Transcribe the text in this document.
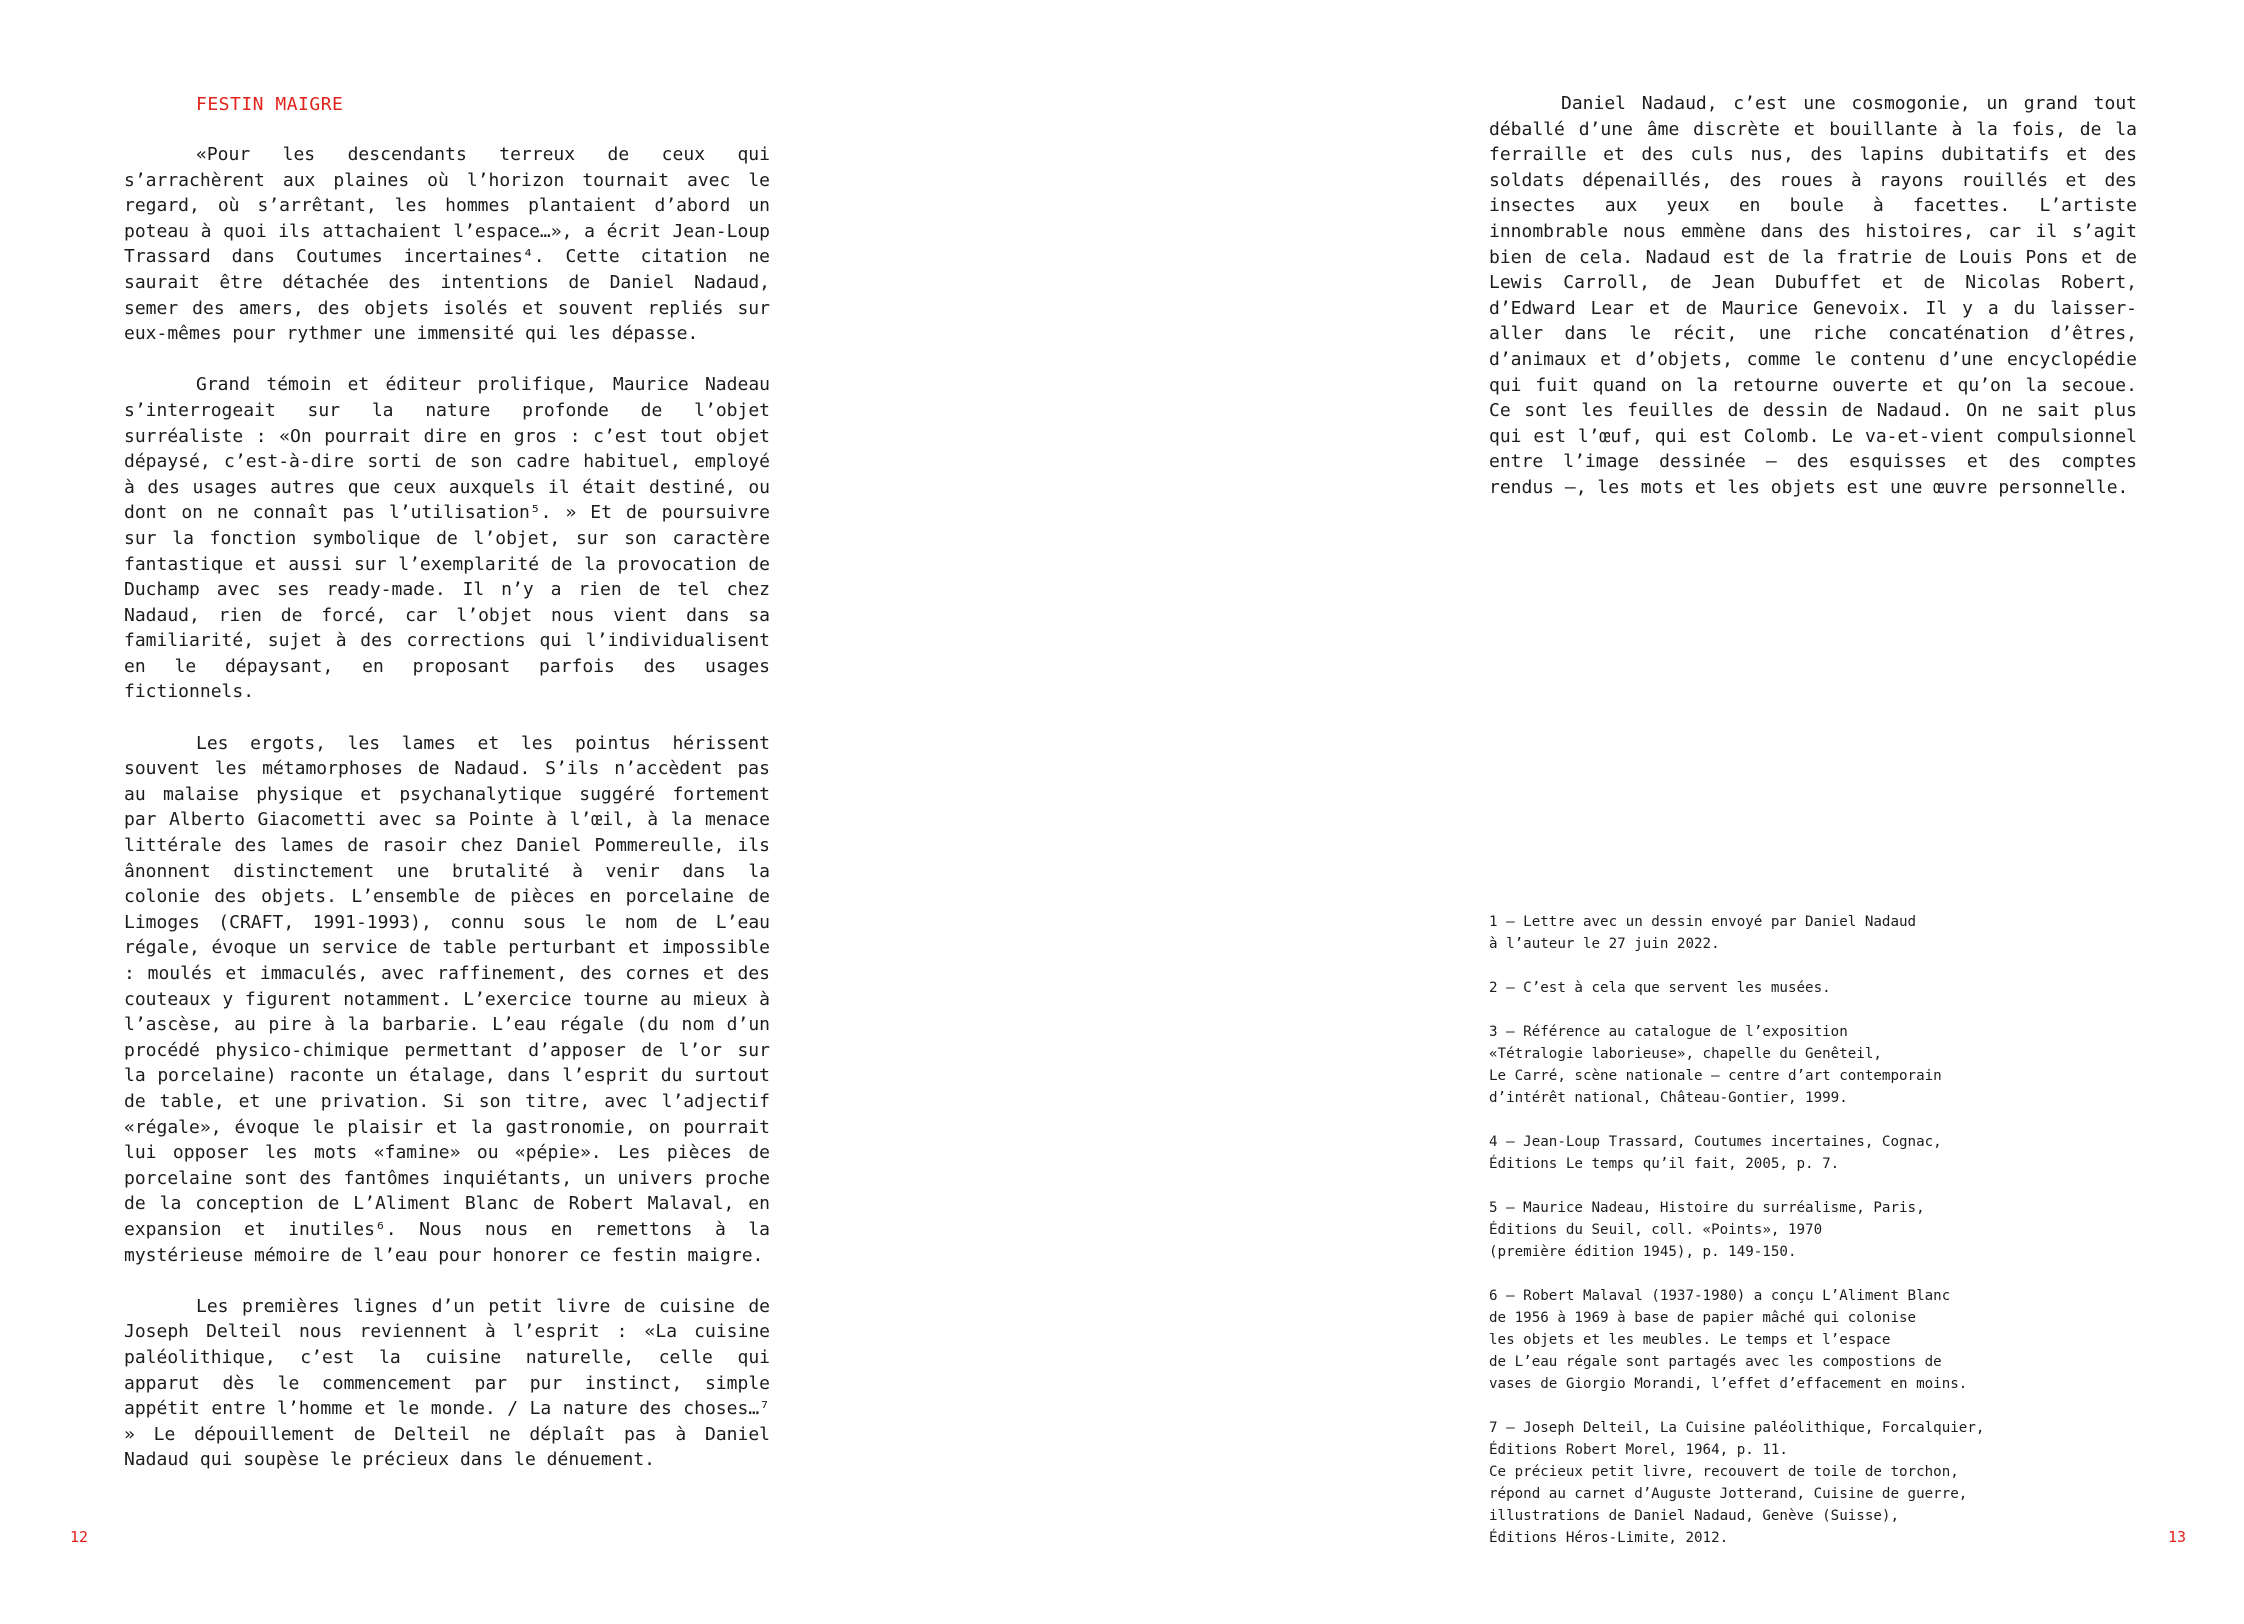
FESTIN MAIGRE

«Pour les descendants terreux de ceux qui s’arrachèrent aux plaines où l’horizon tournait avec le regard, où s’arrêtant, les hommes plantaient d’abord un poteau à quoi ils attachaient l’espace…», a écrit Jean-Loup Trassard dans Coutumes incertaines⁴. Cette citation ne saurait être détachée des intentions de Daniel Nadaud, semer des amers, des objets isolés et souvent repliés sur eux-mêmes pour rythmer une immensité qui les dépasse.

Grand témoin et éditeur prolifique, Maurice Nadeau s’interrogeait sur la nature profonde de l’objet surréaliste : «On pourrait dire en gros : c’est tout objet dépaysé, c’est-à-dire sorti de son cadre habituel, employé à des usages autres que ceux auxquels il était destiné, ou dont on ne connaît pas l’utilisation⁵. » Et de poursuivre sur la fonction symbolique de l’objet, sur son caractère fantastique et aussi sur l’exemplarité de la provocation de Duchamp avec ses ready-made. Il n’y a rien de tel chez Nadaud, rien de forcé, car l’objet nous vient dans sa familiarité, sujet à des corrections qui l’individualisent en le dépaysant, en proposant parfois des usages fictionnels.

Les ergots, les lames et les pointus hérissent souvent les métamorphoses de Nadaud. S’ils n’accèdent pas au malaise physique et psychanalytique suggéré fortement par Alberto Giacometti avec sa Pointe à l’œil, à la menace littérale des lames de rasoir chez Daniel Pommereulle, ils ânonnent distinctement une brutalité à venir dans la colonie des objets. L’ensemble de pièces en porcelaine de Limoges (CRAFT, 1991-1993), connu sous le nom de L’eau régale, évoque un service de table perturbant et impossible : moulés et immaculés, avec raffinement, des cornes et des couteaux y figurent notamment. L’exercice tourne au mieux à l’ascèse, au pire à la barbarie. L’eau régale (du nom d’un procédé physico-chimique permettant d’apposer de l’or sur la porcelaine) raconte un étalage, dans l’esprit du surtout de table, et une privation. Si son titre, avec l’adjectif «régale», évoque le plaisir et la gastronomie, on pourrait lui opposer les mots «famine» ou «pépie». Les pièces de porcelaine sont des fantômes inquiétants, un univers proche de la conception de L’Aliment Blanc de Robert Malaval, en expansion et inutiles⁶. Nous nous en remettons à la mystérieuse mémoire de l’eau pour honorer ce festin maigre.

Les premières lignes d’un petit livre de cuisine de Joseph Delteil nous reviennent à l’esprit : «La cuisine paléolithique, c’est la cuisine naturelle, celle qui apparut dès le commencement par pur instinct, simple appétit entre l’homme et le monde. / La nature des choses…⁷ » Le dépouillement de Delteil ne déplaît pas à Daniel Nadaud qui soupèse le précieux dans le dénuement.

12

Daniel Nadaud, c’est une cosmogonie, un grand tout déballé d’une âme discrète et bouillante à la fois, de la ferraille et des culs nus, des lapins dubitatifs et des soldats dépenaillés, des roues à rayons rouillés et des insectes aux yeux en boule à facettes. L’artiste innombrable nous emmène dans des histoires, car il s’agit bien de cela. Nadaud est de la fratrie de Louis Pons et de Lewis Carroll, de Jean Dubuffet et de Nicolas Robert, d’Edward Lear et de Maurice Genevoix. Il y a du laisser-aller dans le récit, une riche concaténation d’êtres, d’animaux et d’objets, comme le contenu d’une encyclopédie qui fuit quand on la retourne ouverte et qu’on la secoue. Ce sont les feuilles de dessin de Nadaud. On ne sait plus qui est l’œuf, qui est Colomb. Le va-et-vient compulsionnel entre l’image dessinée – des esquisses et des comptes rendus –, les mots et les objets est une œuvre personnelle.

1 – Lettre avec un dessin envoyé par Daniel Nadaud
à l’auteur le 27 juin 2022.
2 – C’est à cela que servent les musées.
3 – Référence au catalogue de l’exposition
«Tétralogie laborieuse», chapelle du Genêteil,
Le Carré, scène nationale – centre d’art contemporain
d’intérêt national, Château-Gontier, 1999.
4 – Jean-Loup Trassard, Coutumes incertaines, Cognac,
Éditions Le temps qu’il fait, 2005, p. 7.
5 – Maurice Nadeau, Histoire du surréalisme, Paris,
Éditions du Seuil, coll. «Points», 1970
(première édition 1945), p. 149-150.
6 – Robert Malaval (1937-1980) a conçu L’Aliment Blanc
de 1956 à 1969 à base de papier mâché qui colonise
les objets et les meubles. Le temps et l’espace
de L’eau régale sont partagés avec les compostions de
vases de Giorgio Morandi, l’effet d’effacement en moins.
7 – Joseph Delteil, La Cuisine paléolithique, Forcalquier,
Éditions Robert Morel, 1964, p. 11.
Ce précieux petit livre, recouvert de toile de torchon,
répond au carnet d’Auguste Jotterand, Cuisine de guerre,
illustrations de Daniel Nadaud, Genève (Suisse),
Éditions Héros-Limite, 2012.	13
